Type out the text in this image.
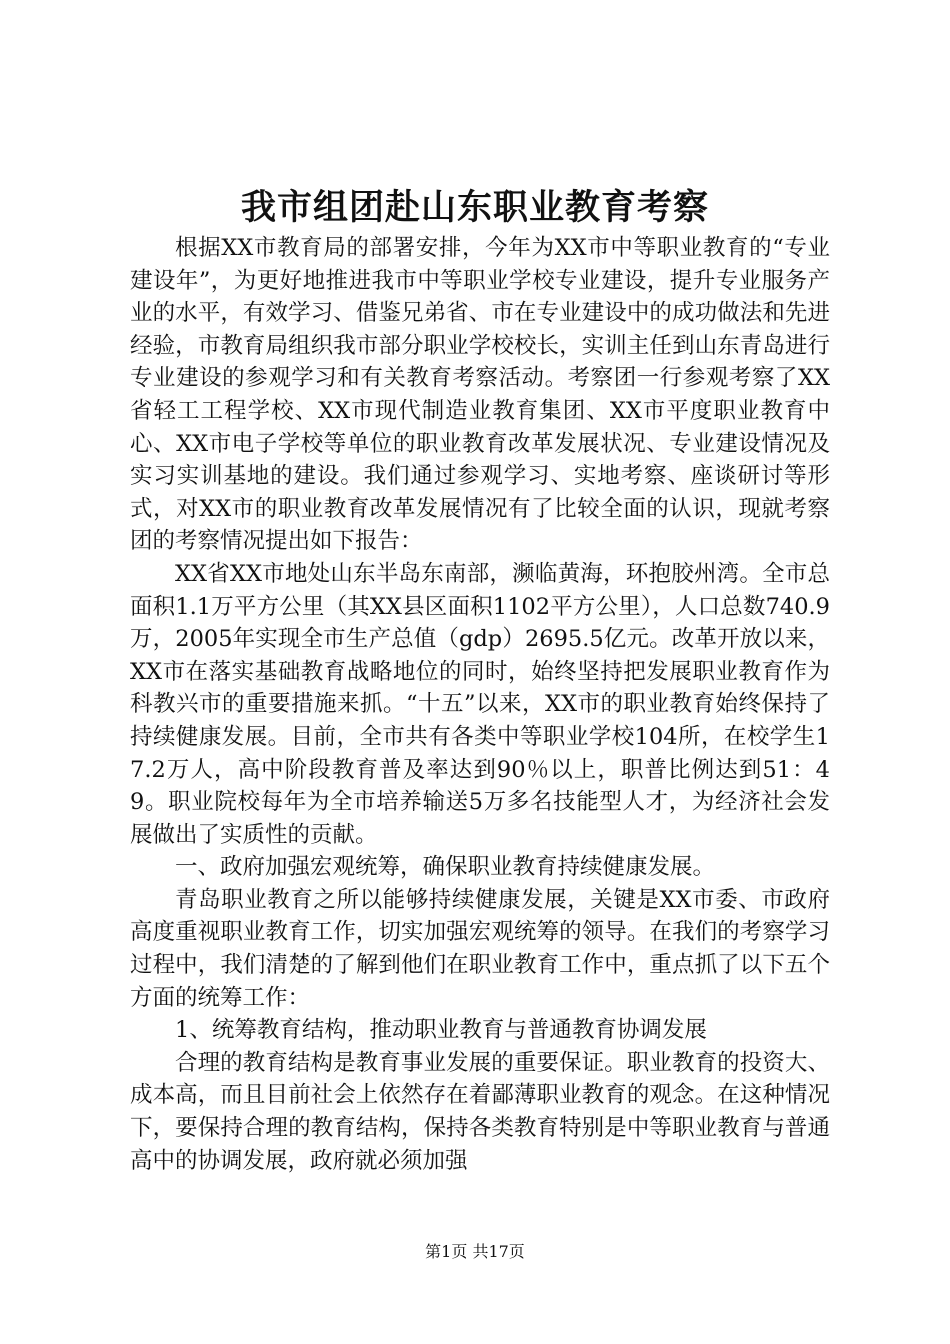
我市组团赴山东职业教育考察

根据XX市教育局的部署安排，今年为XX市中等职业教育的“专业建设年”，为更好地推进我市中等职业学校专业建设，提升专业服务产业的水平，有效学习、借鉴兄弟省、市在专业建设中的成功做法和先进经验，市教育局组织我市部分职业学校校长，实训主任到山东青岛进行专业建设的参观学习和有关教育考察活动。考察团一行参观考察了XX省轻工工程学校、XX市现代制造业教育集团、XX市平度职业教育中心、XX市电子学校等单位的职业教育改革发展状况、专业建设情况及实习实训基地的建设。我们通过参观学习、实地考察、座谈研讨等形式，对XX市的职业教育改革发展情况有了比较全面的认识，现就考察团的考察情况提出如下报告：

XX省XX市地处山东半岛东南部，濒临黄海，环抱胶州湾。全市总面积1.1万平方公里（其XX县区面积1102平方公里），人口总数740.9万，2005年实现全市生产总值（gdp）2695.5亿元。改革开放以来，XX市在落实基础教育战略地位的同时，始终坚持把发展职业教育作为科教兴市的重要措施来抓。“十五”以来，XX市的职业教育始终保持了持续健康发展。目前，全市共有各类中等职业学校104所，在校学生17.2万人，高中阶段教育普及率达到90％以上，职普比例达到51：49。职业院校每年为全市培养输送5万多名技能型人才，为经济社会发展做出了实质性的贡献。

一、政府加强宏观统筹，确保职业教育持续健康发展。

青岛职业教育之所以能够持续健康发展，关键是XX市委、市政府高度重视职业教育工作，切实加强宏观统筹的领导。在我们的考察学习过程中，我们清楚的了解到他们在职业教育工作中，重点抓了以下五个方面的统筹工作：

1、统筹教育结构，推动职业教育与普通教育协调发展

合理的教育结构是教育事业发展的重要保证。职业教育的投资大、成本高，而且目前社会上依然存在着鄙薄职业教育的观念。在这种情况下，要保持合理的教育结构，保持各类教育特别是中等职业教育与普通高中的协调发展，政府就必须加强

第1页 共17页
